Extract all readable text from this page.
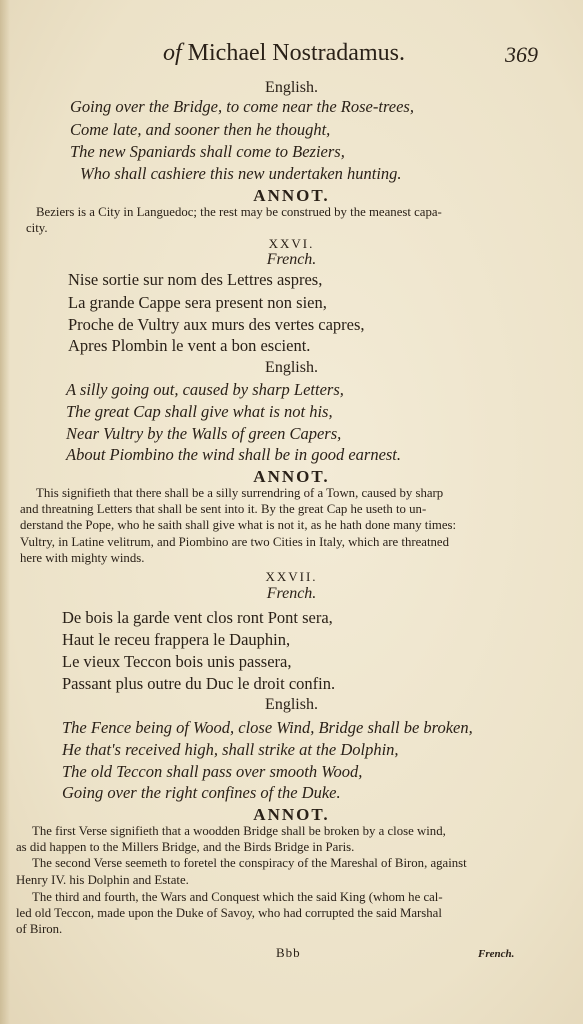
of Michael Nostradamus.	369
English.
Going over the Bridge, to come near the Rose-trees,
Come late, and sooner then he thought,
The new Spaniards shall come to Beziers,
Who shall cashiere this new undertaken hunting.
ANNOT.
Beziers is a City in Languedoc; the rest may be construed by the meanest capa-
city.
XXVI.
French.
Nise sortie sur nom des Lettres aspres,
La grande Cappe sera present non sien,
Proche de Vultry aux murs des vertes capres,
Apres Plombin le vent a bon escient.
English.
A silly going out, caused by sharp Letters,
The great Cap shall give what is not his,
Near Vultry by the Walls of green Capers,
About Piombino the wind shall be in good earnest.
ANNOT.
This signifieth that there shall be a silly surrendring of a Town, caused by sharp
and threatning Letters that shall be sent into it. By the great Cap he useth to un-
derstand the Pope, who he saith shall give what is not it, as he hath done many times:
Vultry, in Latine velitrum, and Piombino are two Cities in Italy, which are threatned
here with mighty winds.
XXVII.
French.
De bois la garde vent clos ront Pont sera,
Haut le receu frappera le Dauphin,
Le vieux Teccon bois unis passera,
Passant plus outre du Duc le droit confin.
English.
The Fence being of Wood, close Wind, Bridge shall be broken,
He that's received high, shall strike at the Dolphin,
The old Teccon shall pass over smooth Wood,
Going over the right confines of the Duke.
ANNOT.
The first Verse signifieth that a woodden Bridge shall be broken by a close wind,
as did happen to the Millers Bridge, and the Birds Bridge in Paris.
The second Verse seemeth to foretel the conspiracy of the Mareshal of Biron, against
Henry IV. his Dolphin and Estate.
The third and fourth, the Wars and Conquest which the said King (whom he cal-
led old Teccon, made upon the Duke of Savoy, who had corrupted the said Marshal
of Biron.
Bbb	French.
